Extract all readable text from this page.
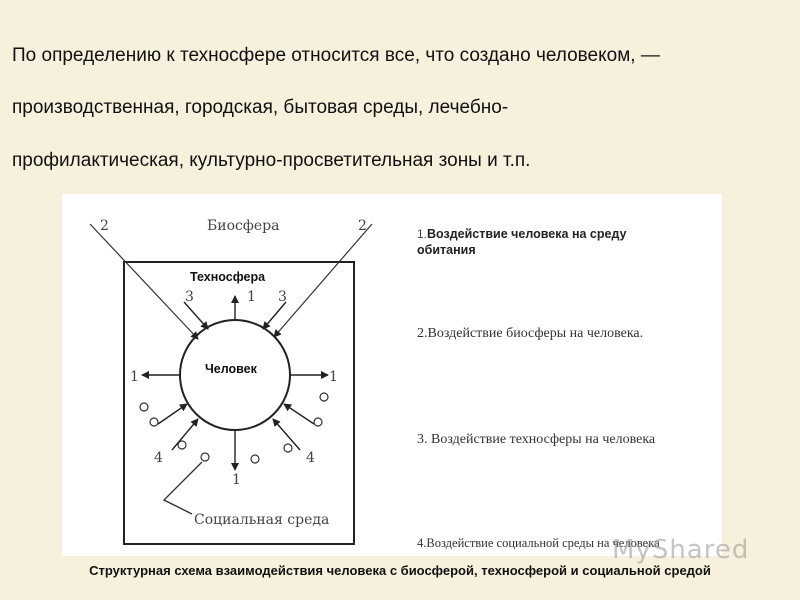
По определению к техносфере относится все, что создано человеком, —
производственная, городская, бытовая среды, лечебно-
профилактическая, культурно-просветительная зоны и т.п.
Биосфера
Техносфера
Человек
Социальная среда
2	2
3	1 3
1	1
4	4
1
1.Воздействие человека на среду обитания
2.Воздействие биосферы на человека.
3. Воздействие техносферы на человека
4.Воздействие социальной среды на человека
MyShared
Структурная схема взаимодействия человека с биосферой, техносферой и социальной средой
